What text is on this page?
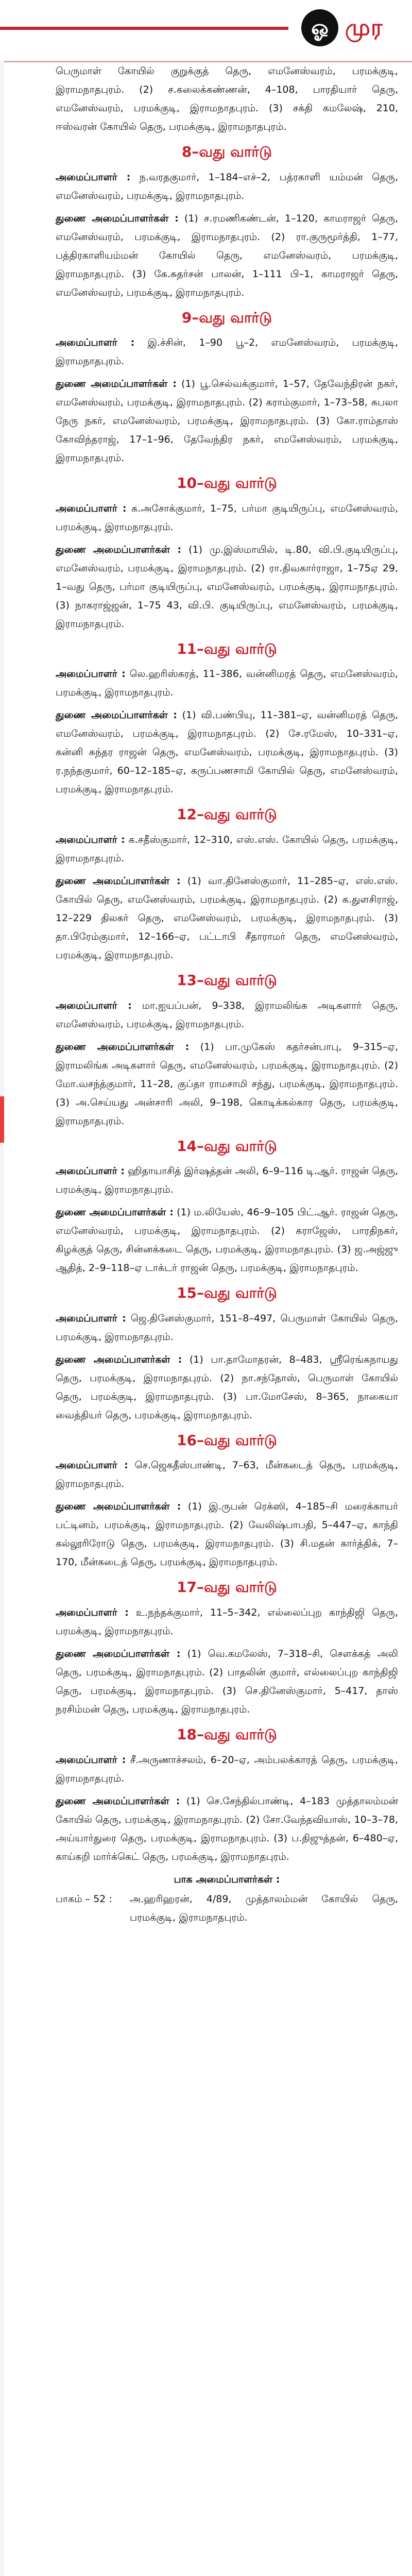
ஓ முர

பெருமாள் கோயில் குறுக்குத் தெரு, எமனேஸ்வரம், பரமக்குடி, இராமநாதபுரம். (2) ச.கலைக்கண்ணன், 4–108, பாரதியார் தெரு, எமனேஸ்வரம், பரமக்குடி, இராமநாதபுரம். (3) சக்தி கமலேஷ், 210, ஈஸ்வரன் கோயில் தெரு, பரமக்குடி, இராமநாதபுரம்.

8–வது வார்டு

அமைப்பாளர் : ந.வரதகுமார், 1–184–எச்–2, பத்ரகாளி யம்மன் தெரு, எமனேஸ்வரம், பரமக்குடி, இராமநாதபுரம்.

துணை அமைப்பாளர்கள் : (1) ச.ரமணிகண்டன், 1–120, காமராஜர் தெரு, எமனேஸ்வரம், பரமக்குடி, இராமநாதபுரம். (2) ரா.குருமூர்த்தி, 1–77, பத்திரகாளியம்மன் கோயில் தெரு, எமனேஸ்வரம், பரமக்குடி, இராமநாதபுரம். (3) கே.சுதர்சன் பாலன், 1–111 பி–1, காமராஜர் தெரு, எமனேஸ்வரம், பரமக்குடி, இராமநாதபுரம்.

9–வது வார்டு

அமைப்பாளர் : இ.ச்சின், 1–90 பூ–2, எமனேஸ்வரம், பரமக்குடி, இராமநாதபுரம்.

துணை அமைப்பாளர்கள் : (1) பூ.செல்வக்குமார், 1–57, தேவேந்திரன் நகர், எமனேஸ்வரம், பரமக்குடி, இராமநாதபுரம். (2) கராம்குமார், 1–73–58, சுபலா நேரு நகர், எமனேஸ்வரம், பரமக்குடி, இராமநாதபுரம். (3) கோ.ராம்தாஸ் கோவிந்தராஜ், 17–1–96, தேவேந்திர நகர், எமனேஸ்வரம், பரமக்குடி, இராமநாதபுரம்.

10–வது வார்டு

அமைப்பாளர் : க.அசோக்குமார், 1–75, பர்மா குடியிருப்பு, எமனேஸ்வரம், பரமக்குடி, இராமநாதபுரம்.

துணை அமைப்பாளர்கள் : (1) மு.இஸ்மாயில், டி.80, வி.பி.குடியிருப்பு, எமனேஸ்வரம், பரமக்குடி, இராமநாதபுரம். (2) ரா.திவகார்ராஜா, 1–75ஏ 29, 1–வது தெரு, பர்மா குடியிருப்பு, எமனேஸ்வரம், பரமக்குடி, இராமநாதபுரம். (3) நாகராஜ்ஜன், 1–75 43, வி.பி. குடியிருப்பு, எமனேஸ்வரம், பரமக்குடி, இராமநாதபுரம்.

11–வது வார்டு

அமைப்பாளர் : லெ.ஹரிஸ்கரத், 11–386, வன்னிமரத் தெரு, எமனேஸ்வரம், பரமக்குடி, இராமநாதபுரம்.

துணை அமைப்பாளர்கள் : (1) வி.பண்பியு, 11–381–ஏ, வன்னிமரத் தெரு, எமனேஸ்வரம், பரமக்குடி, இராமநாதபுரம். (2) சே.ரமேஸ், 10–331–ஏ, கன்னி சுந்தர ராஜன் தெரு, எமனேஸ்வரம், பரமக்குடி, இராமநாதபுரம். (3) ர.நந்தகுமார், 60–12–185–ஏ, கருப்பணசாமி கோயில் தெரு, எமனேஸ்வரம், பரமக்குடி, இராமநாதபுரம்.

12–வது வார்டு

அமைப்பாளர் : க.சதீஸ்குமார், 12–310, எஸ்.எஸ். கோயில் தெரு, பரமக்குடி, இராமநாதபுரம்.

துணை அமைப்பாளர்கள் : (1) வா.தினேஸ்குமார், 11–285–ஏ, எஸ்.எஸ். கோயில் தெரு, எமனேஸ்வரம், பரமக்குடி, இராமநாதபுரம். (2) க.துளசிராஜ், 12–229 திலகர் தெரு, எமனேஸ்வரம், பரமக்குடி, இராமநாதபுரம். (3) தா.பிரேம்குமார், 12–166–ஏ, பட்டாபி சீதாராமர் தெரு, எமனேஸ்வரம், பரமக்குடி, இராமநாதபுரம்.

13–வது வார்டு

அமைப்பாளர் : மா.ஐயப்பன், 9–338, இராமலிங்க அடிகளார் தெரு, எமனேஸ்வரம், பரமக்குடி, இராமநாதபுரம்.

துணை அமைப்பாளர்கள் : (1) பா.முகேஸ் கதர்சன்பாபு, 9–315–ஏ, இராமலிங்க அடிகளார் தெரு, எமனேஸ்வரம், பரமக்குடி, இராமநாதபுரம். (2) மோ.வசந்த்குமார், 11–28, குப்தா ராமசாமி சந்து, பரமக்குடி, இராமநாதபுரம். (3) அ.செய்யது அன்சாரி அலி, 9–198, கொடிக்கல்கார தெரு, பரமக்குடி, இராமநாதபுரம்.

14–வது வார்டு

அமைப்பாளர் : ஹிதாயாசித் இர்ஷத்தன் அலி, 6–9–116 டி.ஆர். ராஜன் தெரு, பரமக்குடி, இராமநாதபுரம்.

துணை அமைப்பாளர்கள் : (1) ம.லியேஸ், 46–9–105 பிட்.ஆர். ராஜன் தெரு, எமனேஸ்வரம், பரமக்குடி, இராமநாதபுரம். (2) கராஜேஸ், பாரதிநகர், கிழக்குத் தெரு, சின்னக்கடை தெரு, பரமக்குடி, இராமநாதபுரம். (3) ஜ.அஜ்ஜு ஆதித், 2–9–118–ஏ டாக்டர் ராஜன் தெரு, பரமக்குடி, இராமநாதபுரம்.

15–வது வார்டு

அமைப்பாளர் : ஜெ.தினேஸ்குமார், 151–8–497, பெருமாள் கோயில் தெரு, பரமக்குடி, இராமநாதபுரம்.

துணை அமைப்பாளர்கள் : (1) பா.தாமோதரன், 8–483, ஸ்ரீரெங்கநாயது தெரு, பரமக்குடி, இராமநாதபுரம். (2) நா.சந்தோஸ், பெருமாள் கோயில் தெரு, பரமக்குடி, இராமநாதபுரம். (3) பா.மோசேஸ், 8–365, நாகையா வைத்தியர் தெரு, பரமக்குடி, இராமநாதபுரம்.

16–வது வார்டு

அமைப்பாளர் : செ.ஜெகதீஸ்பாண்டி, 7–63, மீன்கடைத் தெரு, பரமக்குடி, இராமநாதபுரம்.

துணை அமைப்பாளர்கள் : (1) இ.ருபன் ரெக்ஸி, 4–185–சி மரைக்காயர் பட்டினம், பரமக்குடி, இராமநாதபுரம். (2) வேலிஷ்பாபதி, 5–447–ஏ, காந்தி கல்லூரிரோடு தெரு, பரமக்குடி, இராமநாதபுரம். (3) சி.மதன் கார்த்திக், 7–170, மீன்கடைத் தெரு, பரமக்குடி, இராமநாதபுரம்.

17–வது வார்டு

அமைப்பாளர் : உ.நந்தக்குமார், 11–5–342, எல்லைப்புற காந்திஜி தெரு, பரமக்குடி, இராமநாதபுரம்.

துணை அமைப்பாளர்கள் : (1) வெ.கமலேஸ், 7–318–சி, சௌக்கத் அலி தெரு, பரமக்குடி, இராமநாதபுரம். (2) பாதலின் குமார், எல்லைப்புற காந்திஜி தெரு, பரமக்குடி, இராமநாதபுரம். (3) செ.தினேஸ்குமார், 5–417, தாஸ் நரசிம்மன் தெரு, பரமக்குடி, இராமநாதபுரம்.

18–வது வார்டு

அமைப்பாளர் : சீ.அருணாச்சலம், 6–20–ஏ, அம்பலக்காரத் தெரு, பரமக்குடி, இராமநாதபுரம்.

துணை அமைப்பாளர்கள் : (1) செ.சேந்தில்பாண்டி, 4–183 முத்தாலம்மன் கோயில் தெரு, பரமக்குடி, இராமநாதபுரம். (2) சோ.வேந்தவியாஸ், 10–3–78, அய்யார்துரை தெரு, பரமக்குடி, இராமநாதபுரம். (3) ப.திஜுத்தன், 6–480–ஏ, காய்கறி மார்க்கெட் தெரு, பரமக்குடி, இராமநாதபுரம்.

பாக அமைப்பாளர்கள் :
பாகம் – 52 :	அ.ஹரிஹரன், 4/89, முத்தாலம்மன் கோயில் தெரு, பரமக்குடி, இராமநாதபுரம்.
